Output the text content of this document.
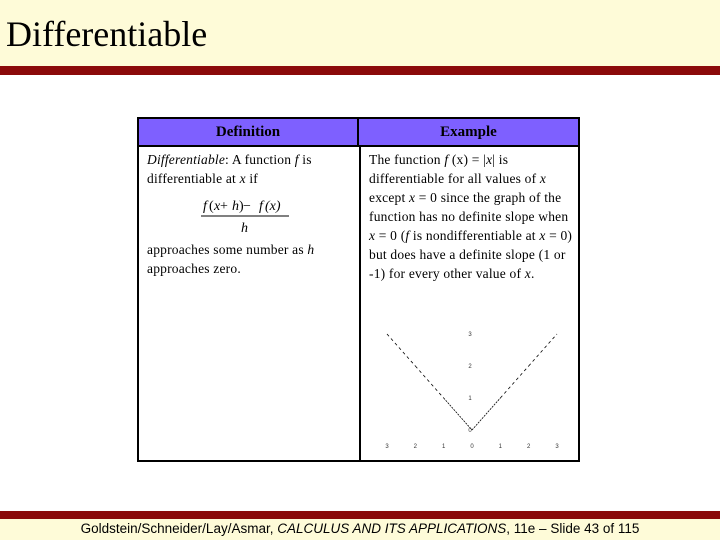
Differentiable
Definition	Example
Differentiable: A function f is differentiable at x if
f ( x + h ) − f (x)
h
approaches some number as h approaches zero.
The function f (x) = |x| is differentiable for all values of x except x = 0 since the graph of the function has no definite slope when x = 0 (f is nondifferentiable at x = 0) but does have a definite slope (1 or -1) for every other value of x.
3	2	1	0	1	2	3
3
2
1
0
Goldstein/Schneider/Lay/Asmar, CALCULUS AND ITS APPLICATIONS, 11e – Slide 43 of 115
